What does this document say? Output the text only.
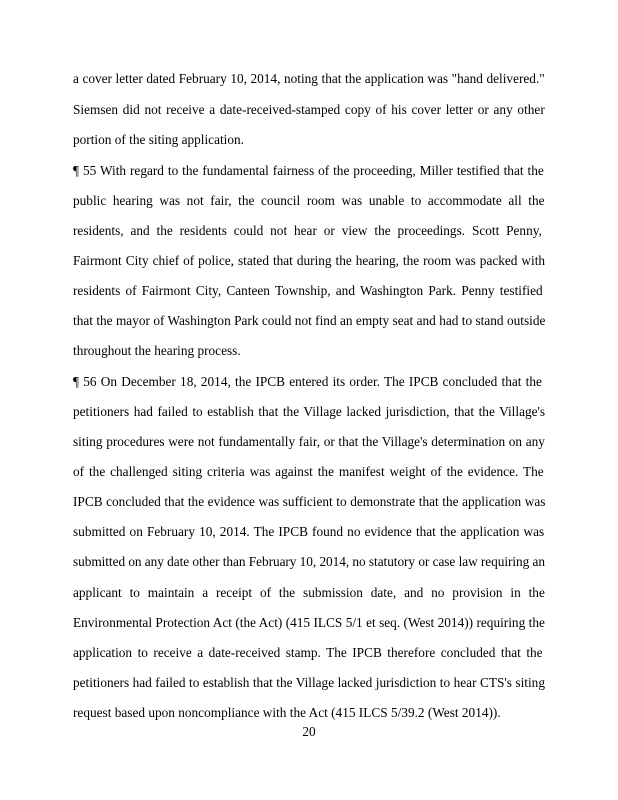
a cover letter dated February 10, 2014, noting that the application was "hand delivered."
Siemsen did not receive a date-received-stamped copy of his cover letter or any other
portion of the siting application.
¶ 55 With regard to the fundamental fairness of the proceeding, Miller testified that the
public hearing was not fair, the council room was unable to accommodate all the
residents, and the residents could not hear or view the proceedings. Scott Penny,
Fairmont City chief of police, stated that during the hearing, the room was packed with
residents of Fairmont City, Canteen Township, and Washington Park. Penny testified
that the mayor of Washington Park could not find an empty seat and had to stand outside
throughout the hearing process.
¶ 56 On December 18, 2014, the IPCB entered its order. The IPCB concluded that the
petitioners had failed to establish that the Village lacked jurisdiction, that the Village's
siting procedures were not fundamentally fair, or that the Village's determination on any
of the challenged siting criteria was against the manifest weight of the evidence. The
IPCB concluded that the evidence was sufficient to demonstrate that the application was
submitted on February 10, 2014. The IPCB found no evidence that the application was
submitted on any date other than February 10, 2014, no statutory or case law requiring an
applicant to maintain a receipt of the submission date, and no provision in the
Environmental Protection Act (the Act) (415 ILCS 5/1 et seq. (West 2014)) requiring the
application to receive a date-received stamp. The IPCB therefore concluded that the
petitioners had failed to establish that the Village lacked jurisdiction to hear CTS's siting
request based upon noncompliance with the Act (415 ILCS 5/39.2 (West 2014)).
20
